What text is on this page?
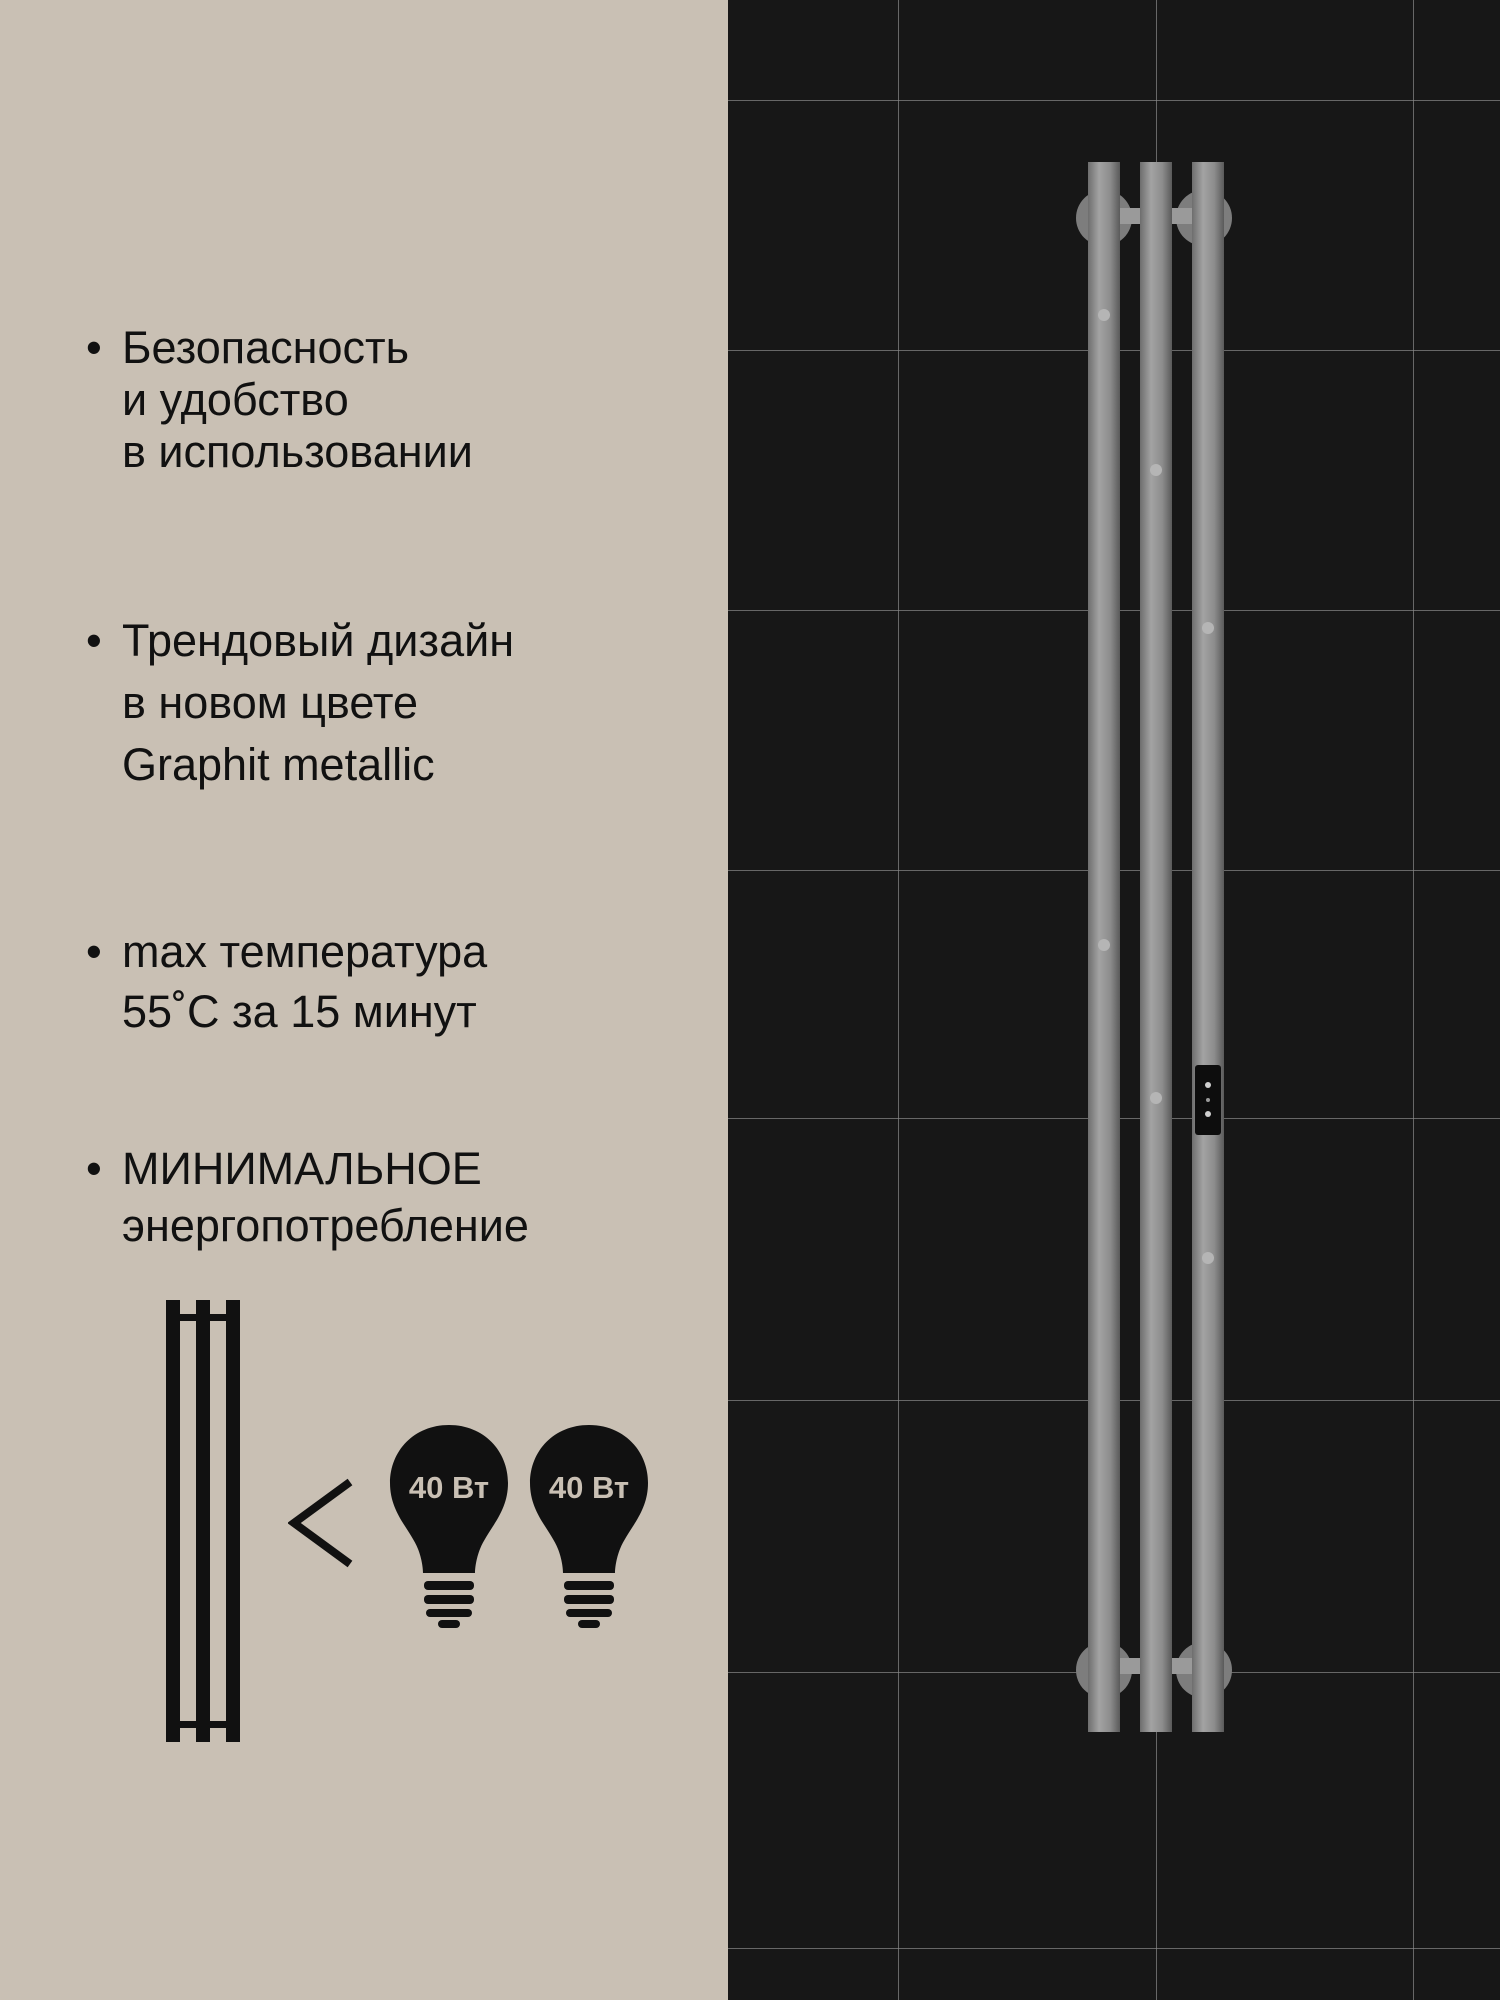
• Безопасность
и удобство
в использовании
• Трендовый дизайн
в новом цвете
Graphit metallic
• max температура
55˚C за 15 минут
• МИНИМАЛЬНОЕ
энергопотребление
40 Вт	40 Вт
